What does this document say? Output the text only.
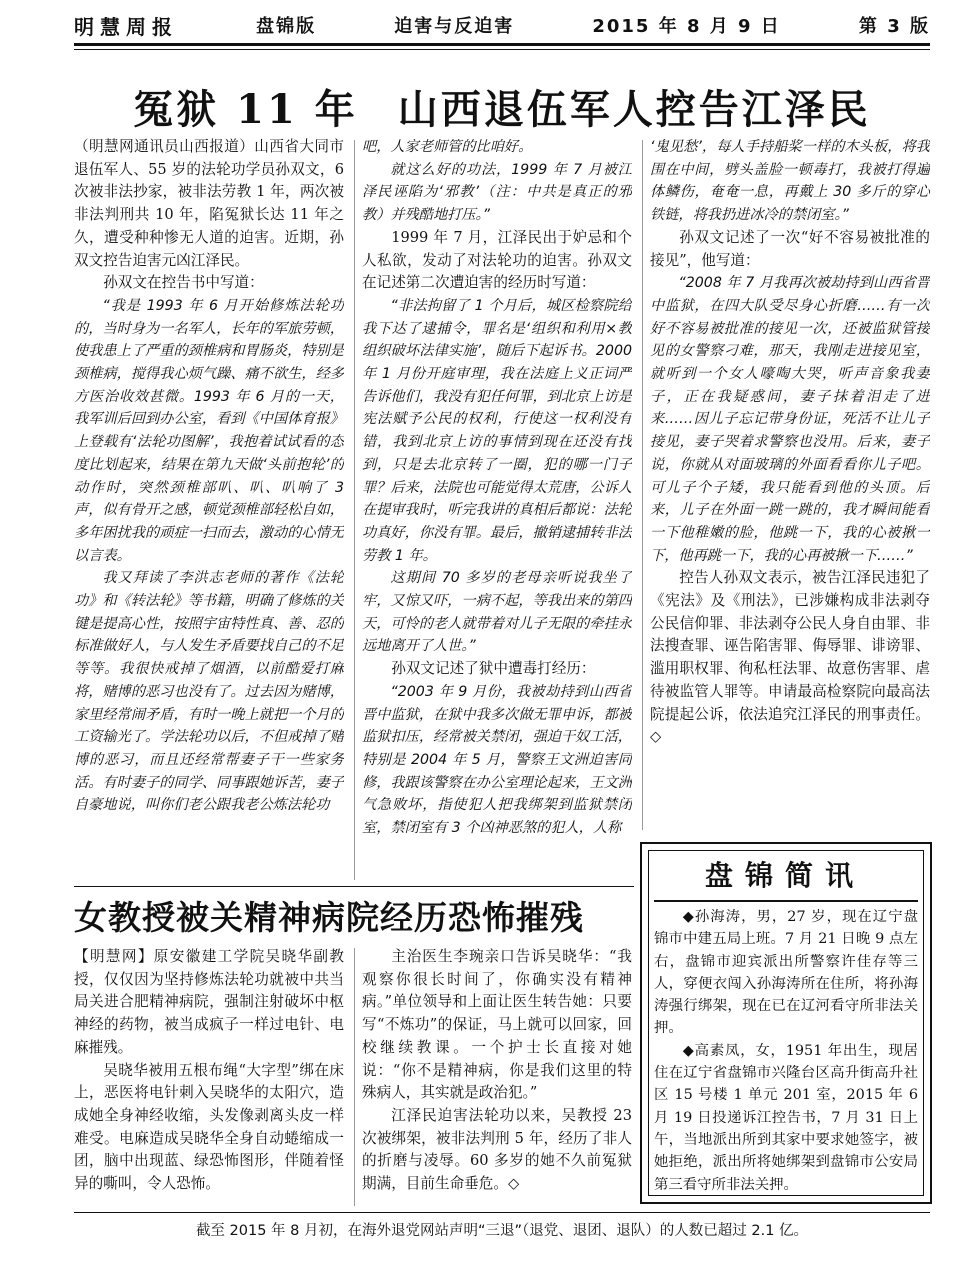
明慧周报	盘锦版	迫害与反迫害	2015 年 8 月 9 日	第 3 版
冤狱 11 年 山西退伍军人控告江泽民

（明慧网通讯员山西报道）山西省大同市退伍军人、55 岁的法轮功学员孙双文，6 次被非法抄家，被非法劳教 1 年，两次被非法判刑共 10 年，陷冤狱长达 11 年之久，遭受种种惨无人道的迫害。近期，孙双文控告迫害元凶江泽民。

孙双文在控告书中写道：

“我是 1993 年 6 月开始修炼法轮功的，当时身为一名军人，长年的军旅劳顿，使我患上了严重的颈椎病和胃肠炎，特别是颈椎病，搅得我心烦气躁、痛不欲生，经多方医治收效甚微。1993 年 6 月的一天，我军训后回到办公室，看到《中国体育报》上登载有‘法轮功图解’，我抱着试试看的态度比划起来，结果在第九天做‘头前抱轮’的动作时，突然颈椎部叭、叭、叭响了 3 声，似有骨开之感，顿觉颈椎部轻松自如，多年困扰我的顽症一扫而去，激动的心情无以言表。

我又拜读了李洪志老师的著作《法轮功》和《转法轮》等书籍，明确了修炼的关键是提高心性，按照宇宙特性真、善、忍的标准做好人，与人发生矛盾要找自己的不足等等。我很快戒掉了烟酒，以前酷爱打麻将，赌博的恶习也没有了。过去因为赌博，家里经常闹矛盾，有时一晚上就把一个月的工资输光了。学法轮功以后，不但戒掉了赌博的恶习，而且还经常帮妻子干一些家务活。有时妻子的同学、同事跟她诉苦，妻子自豪地说，叫你们老公跟我老公炼法轮功

吧，人家老师管的比咱好。

就这么好的功法，1999 年 7 月被江泽民诬陷为‘邪教’（注：中共是真正的邪教）并残酷地打压。”

1999 年 7 月，江泽民出于妒忌和个人私欲，发动了对法轮功的迫害。孙双文在记述第二次遭迫害的经历时写道：

“非法拘留了 1 个月后，城区检察院给我下达了逮捕令，罪名是‘组织和利用×教组织破坏法律实施’，随后下起诉书。2000 年 1 月份开庭审理，我在法庭上义正词严告诉他们，我没有犯任何罪，到北京上访是宪法赋予公民的权利，行使这一权利没有错，我到北京上访的事情到现在还没有找到，只是去北京转了一圈，犯的哪一门子罪？后来，法院也可能觉得太荒唐，公诉人在提审我时，听完我讲的真相后都说：法轮功真好，你没有罪。最后，撤销逮捕转非法劳教 1 年。

这期间 70 多岁的老母亲听说我坐了牢，又惊又吓，一病不起，等我出来的第四天，可怜的老人就带着对儿子无限的牵挂永远地离开了人世。”

孙双文记述了狱中遭毒打经历：

“2003 年 9 月份，我被劫持到山西省晋中监狱，在狱中我多次做无罪申诉，都被监狱扣压，经常被关禁闭，强迫干奴工活，特别是 2004 年 5 月，警察王文洲迫害同修，我跟该警察在办公室理论起来，王文洲气急败坏，指使犯人把我绑架到监狱禁闭室，禁闭室有 3 个凶神恶煞的犯人，人称

‘鬼见愁’，每人手持船桨一样的木头板，将我围在中间，劈头盖脸一顿毒打，我被打得遍体鳞伤，奄奄一息，再戴上 30 多斤的穿心铁链，将我扔进冰冷的禁闭室。”

孙双文记述了一次“好不容易被批准的接见”，他写道：

“2008 年 7 月我再次被劫持到山西省晋中监狱，在四大队受尽身心折磨……有一次好不容易被批准的接见一次，还被监狱管接见的女警察刁难，那天，我刚走进接见室，就听到一个女人嚎啕大哭，听声音象我妻子，正在我疑惑间，妻子抹着泪走了进来……因儿子忘记带身份证，死活不让儿子接见，妻子哭着求警察也没用。后来，妻子说，你就从对面玻璃的外面看看你儿子吧。可儿子个子矮，我只能看到他的头顶。后来，儿子在外面一跳一跳的，我才瞬间能看一下他稚嫩的脸，他跳一下，我的心被揪一下，他再跳一下，我的心再被揪一下……”

控告人孙双文表示，被告江泽民违犯了《宪法》及《刑法》，已涉嫌构成非法剥夺公民信仰罪、非法剥夺公民人身自由罪、非法搜查罪、诬告陷害罪、侮辱罪、诽谤罪、滥用职权罪、徇私枉法罪、故意伤害罪、虐待被监管人罪等。申请最高检察院向最高法院提起公诉，依法追究江泽民的刑事责任。◇

女教授被关精神病院经历恐怖摧残

【明慧网】原安徽建工学院吴晓华副教授，仅仅因为坚持修炼法轮功就被中共当局关进合肥精神病院，强制注射破坏中枢神经的药物，被当成疯子一样过电针、电麻摧残。

吴晓华被用五根布绳“大字型”绑在床上，恶医将电针刺入吴晓华的太阳穴，造成她全身神经收缩，头发像剥离头皮一样难受。电麻造成吴晓华全身自动蜷缩成一团，脑中出现蓝、绿恐怖图形，伴随着怪异的嘶叫，令人恐怖。

主治医生李琬亲口告诉吴晓华：“我观察你很长时间了，你确实没有精神病。”单位领导和上面让医生转告她：只要写“不炼功”的保证，马上就可以回家，回校继续教课。一个护士长直接对她说：“你不是精神病，你是我们这里的特殊病人，其实就是政治犯。”

江泽民迫害法轮功以来，吴教授 23 次被绑架，被非法判刑 5 年，经历了非人的折磨与凌辱。60 多岁的她不久前冤狱期满，目前生命垂危。◇

盘锦简讯

◆孙海涛，男，27 岁，现在辽宁盘锦市中建五局上班。7 月 21 日晚 9 点左右，盘锦市迎宾派出所警察许佳存等三人，穿便衣闯入孙海涛所在住所，将孙海涛强行绑架，现在已在辽河看守所非法关押。

◆高素凤，女，1951 年出生，现居住在辽宁省盘锦市兴隆台区高升街高升社区 15 号楼 1 单元 201 室，2015 年 6 月 19 日投递诉江控告书，7 月 31 日上午，当地派出所到其家中要求她签字，被她拒绝，派出所将她绑架到盘锦市公安局第三看守所非法关押。

截至 2015 年 8 月初，在海外退党网站声明“三退”（退党、退团、退队）的人数已超过 2.1 亿。
